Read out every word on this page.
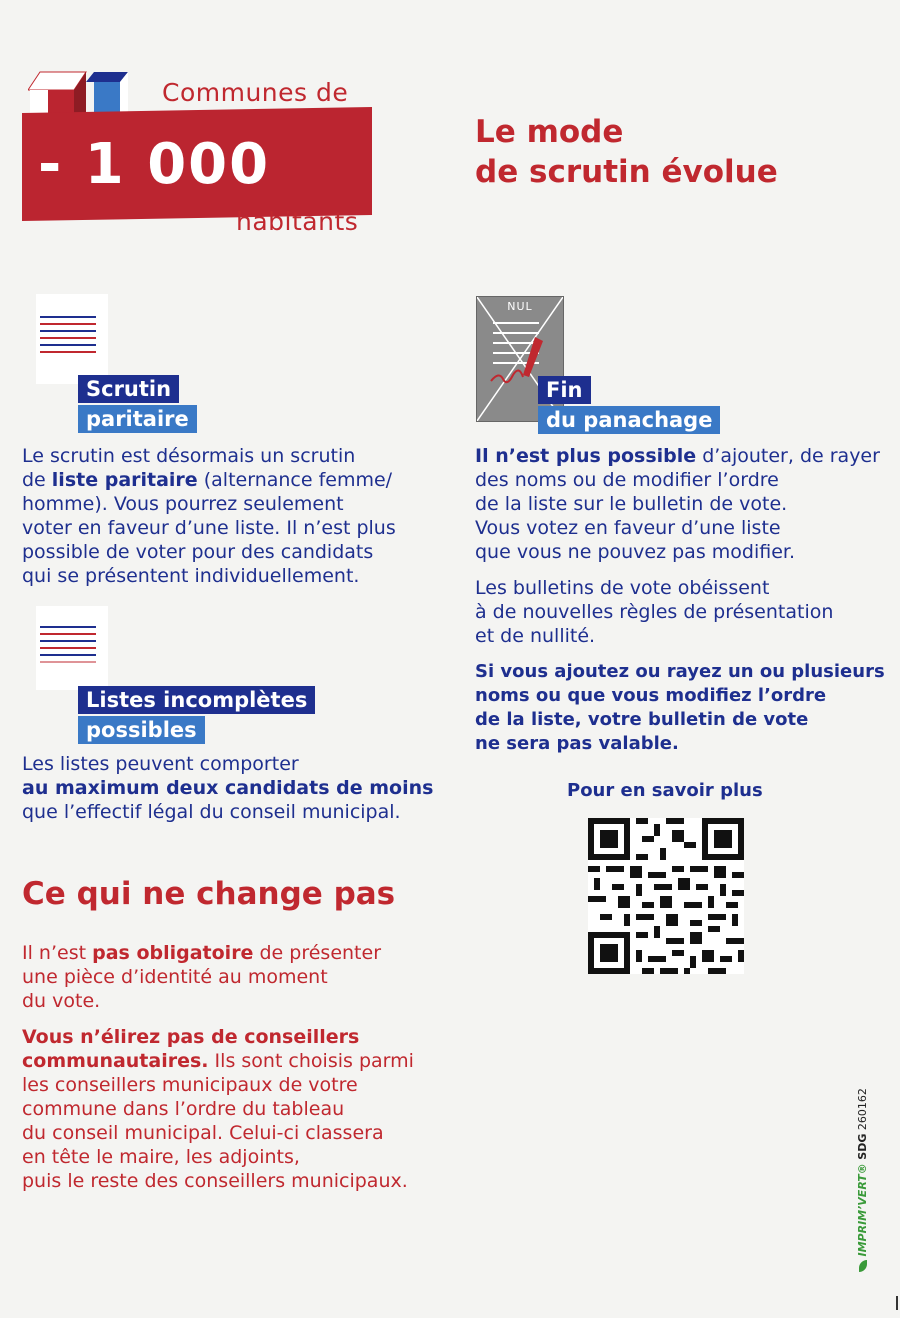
Communes de
- 1 000
habitants
Le mode
de scrutin évolue
Scrutin
paritaire
Le scrutin est désormais un scrutin
de liste paritaire (alternance femme/
homme). Vous pourrez seulement
voter en faveur d’une liste. Il n’est plus
possible de voter pour des candidats
qui se présentent individuellement.
Listes incomplètes
possibles
Les listes peuvent comporter
au maximum deux candidats de moins
que l’effectif légal du conseil municipal.
NUL
Fin
du panachage
Il n’est plus possible d’ajouter, de rayer
des noms ou de modifier l’ordre
de la liste sur le bulletin de vote.
Vous votez en faveur d’une liste
que vous ne pouvez pas modifier.
Les bulletins de vote obéissent
à de nouvelles règles de présentation
et de nullité.
Si vous ajoutez ou rayez un ou plusieurs
noms ou que vous modifiez l’ordre
de la liste, votre bulletin de vote
ne sera pas valable.
Pour en savoir plus
Ce qui ne change pas
Il n’est pas obligatoire de présenter
une pièce d’identité au moment
du vote.
Vous n’élirez pas de conseillers
communautaires. Ils sont choisis parmi
les conseillers municipaux de votre
commune dans l’ordre du tableau
du conseil municipal. Celui-ci classera
en tête le maire, les adjoints,
puis le reste des conseillers municipaux.	IMPRIM’VERT® SDG 260162
